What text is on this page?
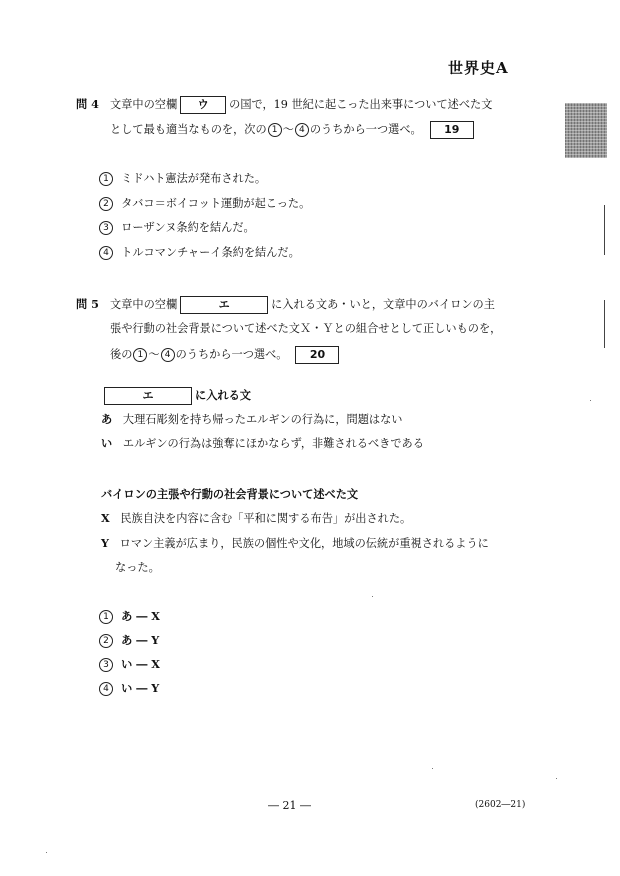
世界史A
問 4 文章中の空欄 ウ の国で，19 世紀に起こった出来事について述べた文
として最も適当なものを，次の 1 ～ 4 のうちから一つ選べ。 19
1 ミドハト憲法が発布された。
2 タバコ＝ボイコット運動が起こった。
3 ローザンヌ条約を結んだ。
4 トルコマンチャーイ条約を結んだ。
問 5 文章中の空欄	エ	に入れる文あ・いと，文章中のバイロンの主
張や行動の社会背景について述べた文Ｘ・Ｙとの組合せとして正しいものを，
後の 1 ～ 4 のうちから一つ選べ。 20
エ	に入れる文
あ 大理石彫刻を持ち帰ったエルギンの行為に，問題はない
い エルギンの行為は強奪にほかならず，非難されるべきである
バイロンの主張や行動の社会背景について述べた文
X 民族自決を内容に含む「平和に関する布告」が出された。
Y ロマン主義が広まり，民族の個性や文化，地域の伝統が重視されるように
なった。
1 あ ― X
2 あ ― Y
3 い ― X
4 い ― Y
― 21 ―	(2602―21)
